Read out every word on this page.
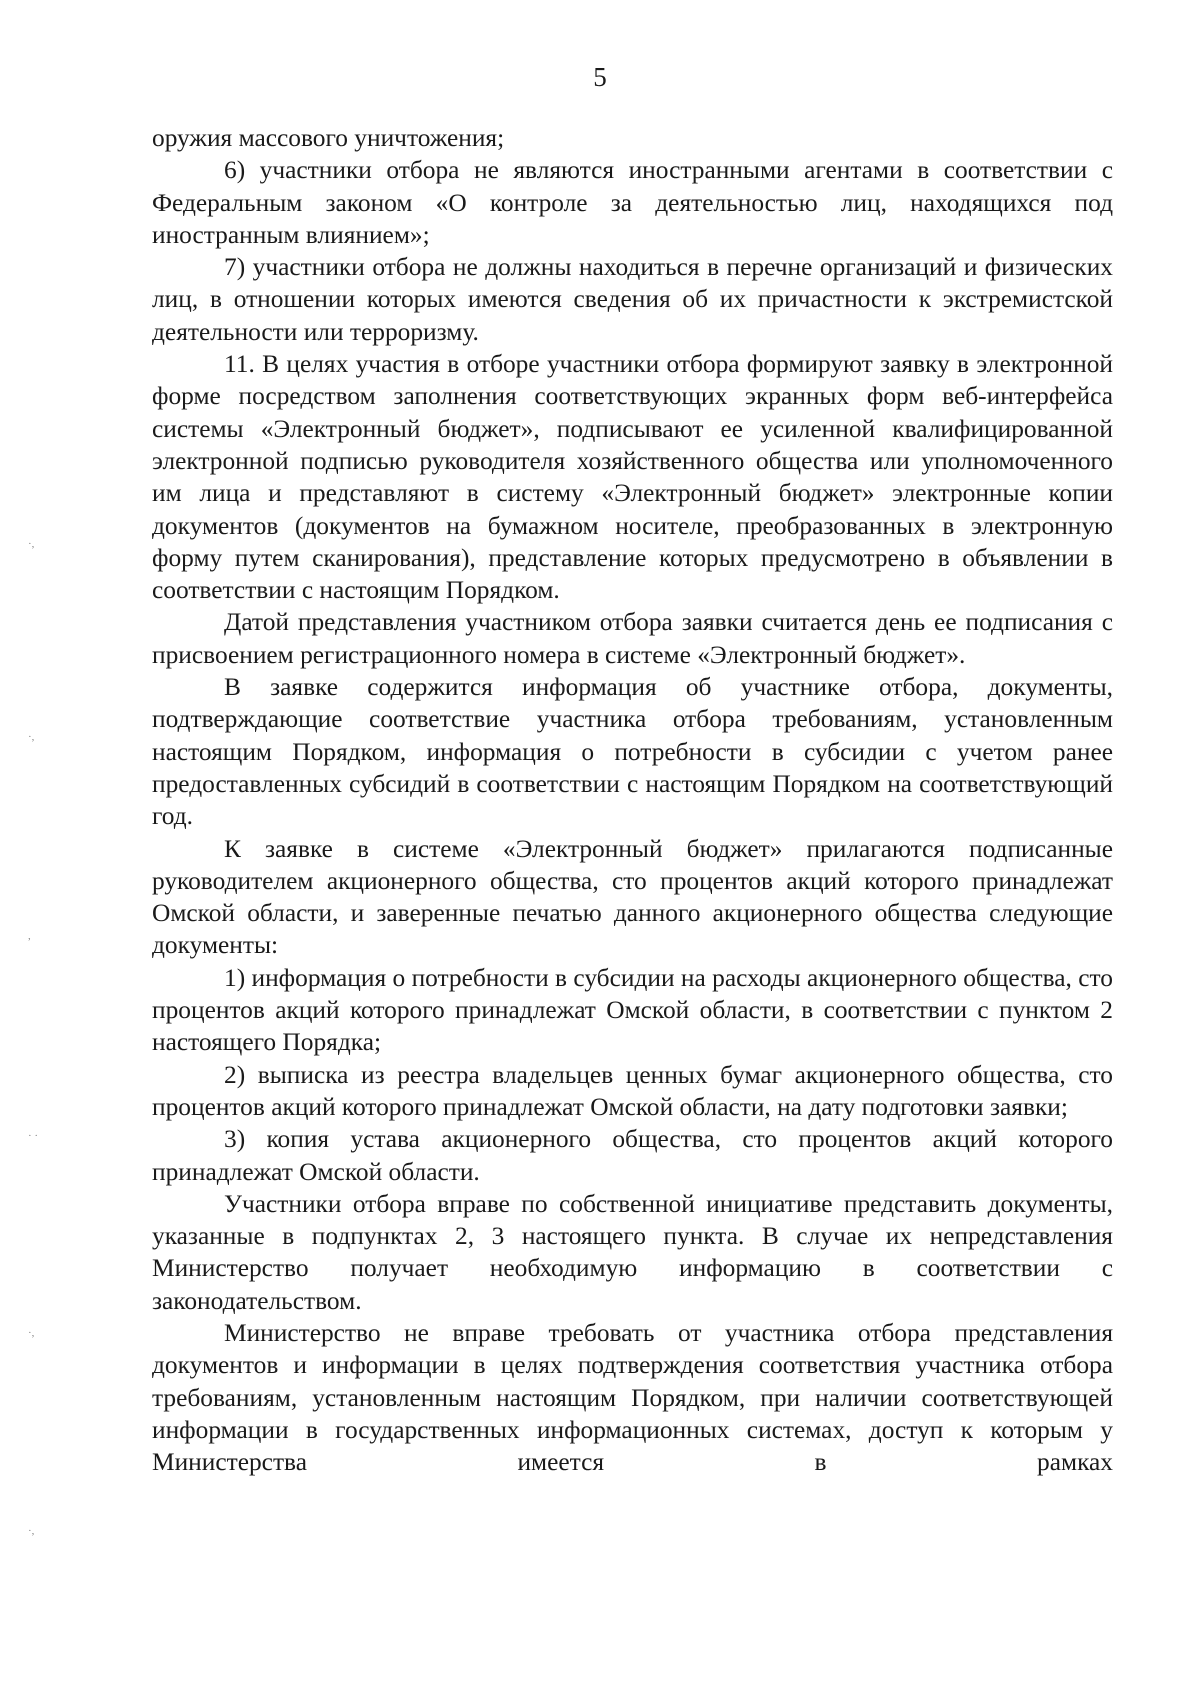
5
·,
·,
,
· ·
·,
·,

оружия массового уничтожения;

6) участники отбора не являются иностранными агентами в соответствии с Федеральным законом «О контроле за деятельностью лиц, находящихся под иностранным влиянием»;

7) участники отбора не должны находиться в перечне организаций и физических лиц, в отношении которых имеются сведения об их причастности к экстремистской деятельности или терроризму.

11. В целях участия в отборе участники отбора формируют заявку в электронной форме посредством заполнения соответствующих экранных форм веб-интерфейса системы «Электронный бюджет», подписывают ее усиленной квалифицированной электронной подписью руководителя хозяйственного общества или уполномоченного им лица и представляют в систему «Электронный бюджет» электронные копии документов (документов на бумажном носителе, преобразованных в электронную форму путем сканирования), представление которых предусмотрено в объявлении в соответствии с настоящим Порядком.

Датой представления участником отбора заявки считается день ее подписания с присвоением регистрационного номера в системе «Электронный бюджет».

В заявке содержится информация об участнике отбора, документы, подтверждающие соответствие участника отбора требованиям, установленным настоящим Порядком, информация о потребности в субсидии с учетом ранее предоставленных субсидий в соответствии с настоящим Порядком на соответствующий год.

К заявке в системе «Электронный бюджет» прилагаются подписанные руководителем акционерного общества, сто процентов акций которого принадлежат Омской области, и заверенные печатью данного акционерного общества следующие документы:

1) информация о потребности в субсидии на расходы акционерного общества, сто процентов акций которого принадлежат Омской области, в соответствии с пунктом 2 настоящего Порядка;

2) выписка из реестра владельцев ценных бумаг акционерного общества, сто процентов акций которого принадлежат Омской области, на дату подготовки заявки;

3) копия устава акционерного общества, сто процентов акций которого принадлежат Омской области.

Участники отбора вправе по собственной инициативе представить документы, указанные в подпунктах 2, 3 настоящего пункта. В случае их непредставления Министерство получает необходимую информацию в соответствии с законодательством.

Министерство не вправе требовать от участника отбора представления документов и информации в целях подтверждения соответствия участника отбора требованиям, установленным настоящим Порядком, при наличии соответствующей информации в государственных информационных системах, доступ к которым у Министерства имеется в рамках
